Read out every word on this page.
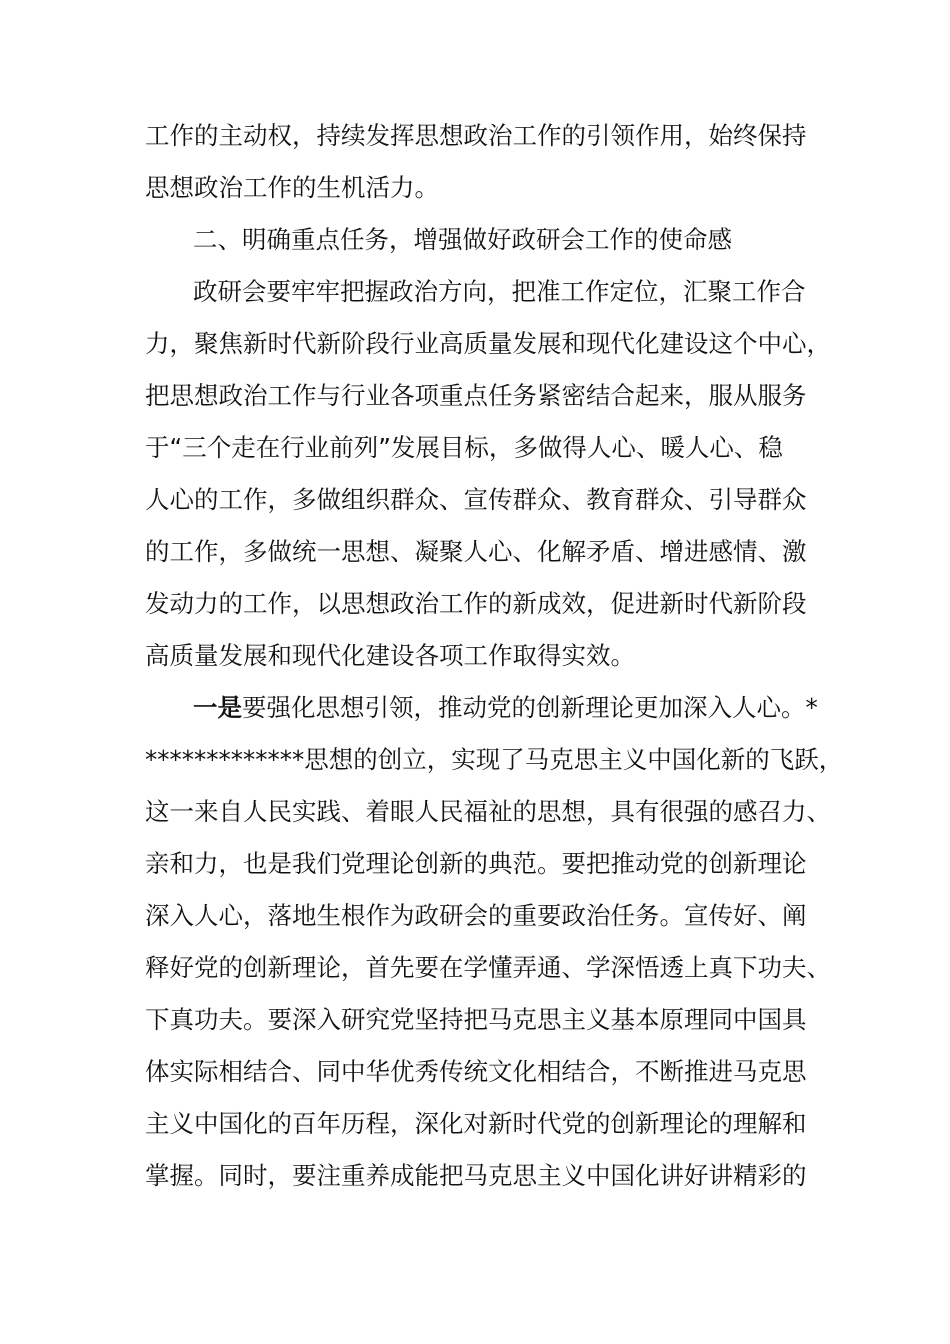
工作的主动权，持续发挥思想政治工作的引领作用，始终保持
思想政治工作的生机活力。
二、明确重点任务，增强做好政研会工作的使命感
政研会要牢牢把握政治方向，把准工作定位，汇聚工作合
力，聚焦新时代新阶段行业高质量发展和现代化建设这个中心，
把思想政治工作与行业各项重点任务紧密结合起来，服从服务
于“三个走在行业前列”发展目标，多做得人心、暖人心、稳
人心的工作，多做组织群众、宣传群众、教育群众、引导群众
的工作，多做统一思想、凝聚人心、化解矛盾、增进感情、激
发动力的工作，以思想政治工作的新成效，促进新时代新阶段
高质量发展和现代化建设各项工作取得实效。
一是要强化思想引领，推动党的创新理论更加深入人心。*
*************思想的创立，实现了马克思主义中国化新的飞跃，
这一来自人民实践、着眼人民福祉的思想，具有很强的感召力、
亲和力，也是我们党理论创新的典范。要把推动党的创新理论
深入人心，落地生根作为政研会的重要政治任务。宣传好、阐
释好党的创新理论，首先要在学懂弄通、学深悟透上真下功夫、
下真功夫。要深入研究党坚持把马克思主义基本原理同中国具
体实际相结合、同中华优秀传统文化相结合，不断推进马克思
主义中国化的百年历程，深化对新时代党的创新理论的理解和
掌握。同时，要注重养成能把马克思主义中国化讲好讲精彩的
